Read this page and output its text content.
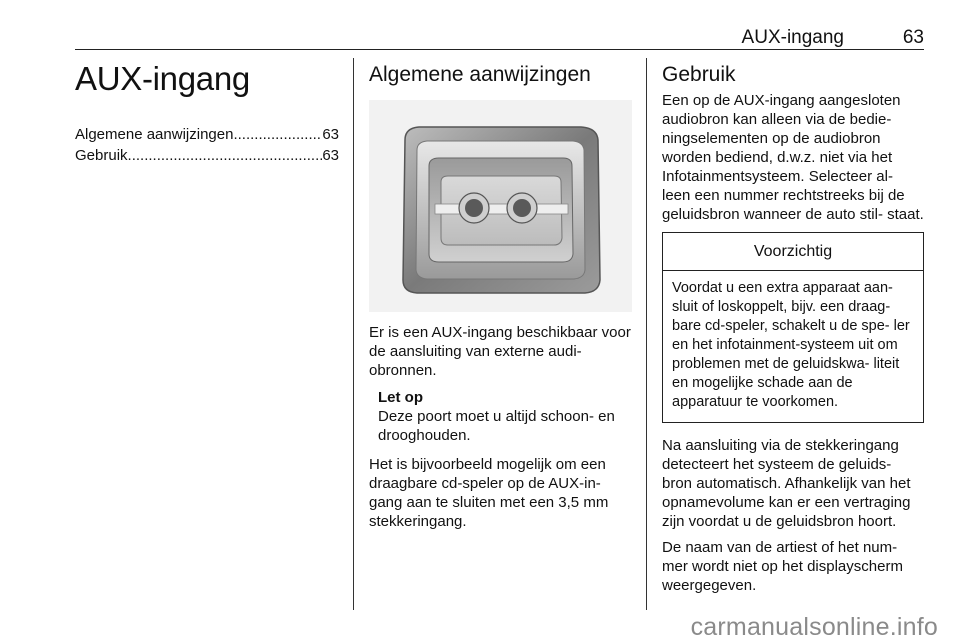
AUX-ingang	63
AUX-ingang
Algemene aanwijzingen .....	63
Gebruik .....	63
Algemene aanwijzingen

Er is een AUX-ingang beschikbaar voor de aansluiting van externe audi- obronnen.

Let op
Deze poort moet u altijd schoon- en drooghouden.

Het is bijvoorbeeld mogelijk om een draagbare cd-speler op de AUX-in- gang aan te sluiten met een 3,5 mm stekkeringang.

Gebruik

Een op de AUX-ingang aangesloten audiobron kan alleen via de bedie- ningselementen op de audiobron worden bediend, d.w.z. niet via het Infotainmentsysteem. Selecteer al- leen een nummer rechtstreeks bij de geluidsbron wanneer de auto stil- staat.

Voorzichtig
Voordat u een extra apparaat aan- sluit of loskoppelt, bijv. een draag- bare cd-speler, schakelt u de spe- ler en het infotainment-systeem uit om problemen met de geluidskwa- liteit en mogelijke schade aan de apparatuur te voorkomen.

Na aansluiting via de stekkeringang detecteert het systeem de geluids- bron automatisch. Afhankelijk van het opnamevolume kan er een vertraging zijn voordat u de geluidsbron hoort.

De naam van de artiest of het num- mer wordt niet op het displayscherm weergegeven.

carmanualsonline.info
